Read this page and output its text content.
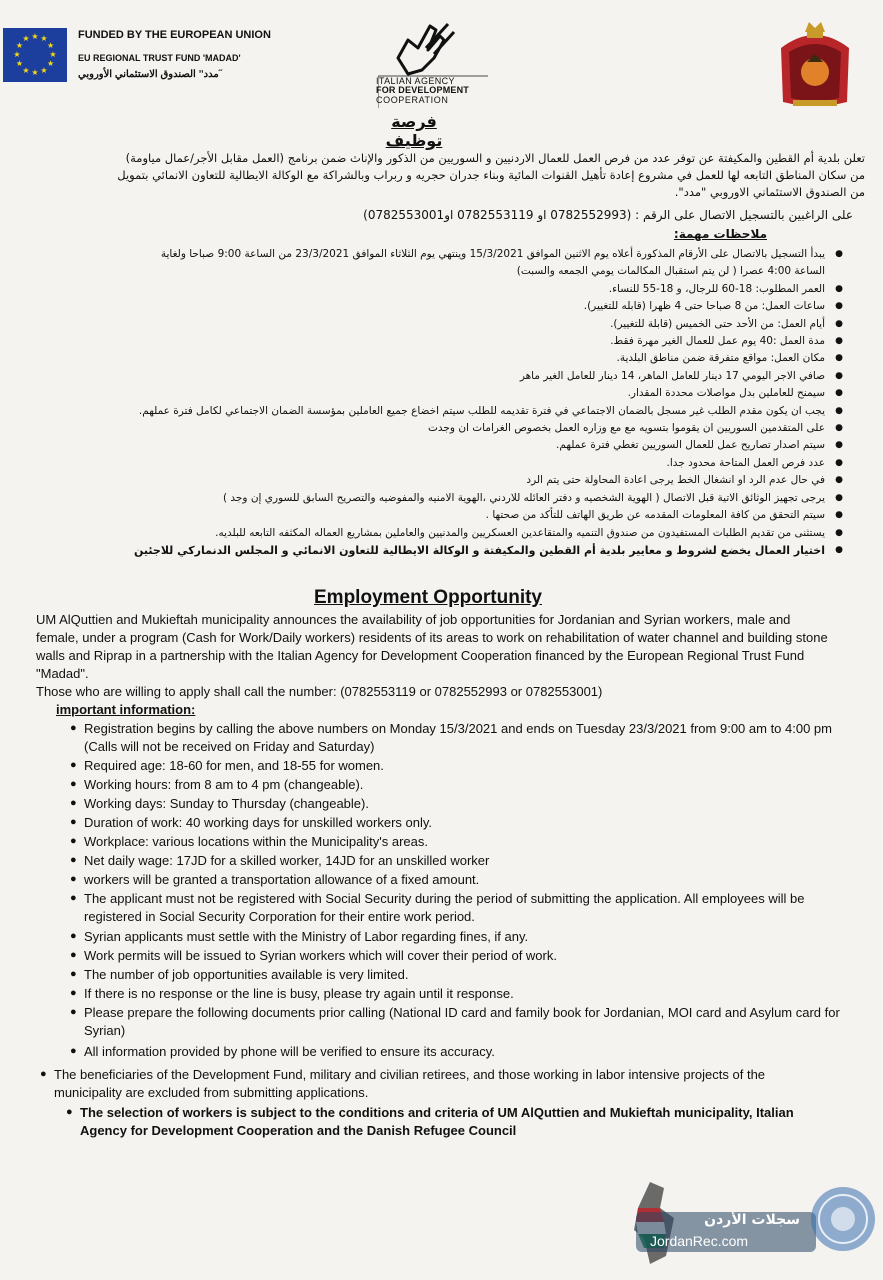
★
★
★
★
★
★
★
★
★ ★ ★
★
FUNDED BY THE EUROPEAN UNION
EU REGIONAL TRUST FUND 'MADAD'
الصندوق الاستئماني الأوروبي ˮمدد˝
ITALIAN AGENCY
FOR DEVELOPMENT
COOPERATION
فرصة توظيف
تعلن بلدية أم القطين والمكيفتة عن توفر عدد من فرص العمل للعمال الاردنيين و السوريين من الذكور والإناث ضمن برنامج (العمل مقابل الأجر/عمال مياومة)
من سكان المناطق التابعه لها للعمل في مشروع إعادة تأهيل القنوات المائية وبناء جدران حجريه و ربراب وبالشراكة مع الوكالة الايطالية للتعاون الانمائي بتمويل
من الصندوق الاستئماني الاوروبي "مدد".
على الراغبين بالتسجيل الاتصال على الرقم : (0782552993 او 0782553119 او0782553001)
ملاحظات مهمة:
●
يبدأ التسجيل بالاتصال على الأرقام المذكورة أعلاه يوم الاثنين الموافق 15/3/2021 وينتهي يوم الثلاثاء الموافق 23/3/2021 من الساعة 9:00 صباحا ولغاية
الساعة 4:00 عصرا ( لن يتم استقبال المكالمات يومي الجمعه والسبت)
●
العمر المطلوب: 18-60 للرجال، و 18-55 للنساء.
●
ساعات العمل: من 8 صباحا حتى 4 ظهرا (قابله للتغيير).
●
أيام العمل: من الأحد حتى الخميس (قابلة للتغيير).
●
مدة العمل :40 يوم عمل للعمال الغير مهرة فقط.
●
مكان العمل: مواقع متفرقة ضمن مناطق البلدية.
●
صافي الاجر اليومي 17 دينار للعامل الماهر، 14 دينار للعامل الغير ماهر
●
سيمنح للعاملين بدل مواصلات محددة المقدار.
●
يجب ان يكون مقدم الطلب غير مسجل بالضمان الاجتماعي في فترة تقديمه للطلب سيتم اخضاع جميع العاملين بمؤسسة الضمان الاجتماعي لكامل فترة عملهم.
●
على المتقدمين السوريين ان يقوموا بتسويه مع مع وزاره العمل بخصوص الغرامات ان وجدت
●
سيتم اصدار تصاريح عمل للعمال السوريين تغطي فترة عملهم.
●
عدد فرص العمل المتاحة محدود جدا.
●
في حال عدم الرد او انشغال الخط يرجى اعادة المحاولة حتى يتم الرد
●
يرجى تجهيز الوثائق الاتية قبل الاتصال ( الهوية الشخصيه و دفتر العائله للاردني ،الهوية الامنيه والمفوضيه والتصريح السابق للسوري إن وجد )
●
سيتم التحقق من كافة المعلومات المقدمه عن طريق الهاتف للتأكد من صحتها .
●
يستثنى من تقديم الطلبات المستفيدون من صندوق التنميه والمتقاعدين العسكريين والمدنيين والعاملين بمشاريع العماله المكثفه التابعه للبلديه.
●
اختيار العمال يخضع لشروط و معايير بلدية أم القطين والمكيفتة و الوكالة الايطالية للتعاون الانمائي و المجلس الدنماركي للاجئين
Employment Opportunity
UM AlQuttien and Mukieftah municipality announces the availability of job opportunities for Jordanian and Syrian workers, male and female, under a program (Cash for Work/Daily workers) residents of its areas to work on rehabilitation of water channel and building stone walls and Riprap in a partnership with the Italian Agency for Development Cooperation financed by the European Regional Trust Fund "Madad".
Those who are willing to apply shall call the number: (0782553119 or 0782552993 or 0782553001)
important information:
● Registration begins by calling the above numbers on Monday 15/3/2021 and ends on Tuesday 23/3/2021 from 9:00 am to 4:00 pm (Calls will not be received on Friday and Saturday)
● Required age: 18-60 for men, and 18-55 for women.
● Working hours: from 8 am to 4 pm (changeable).
● Working days: Sunday to Thursday (changeable).
● Duration of work: 40 working days for unskilled workers only.
● Workplace: various locations within the Municipality's areas.
● Net daily wage: 17JD for a skilled worker, 14JD for an unskilled worker
● workers will be granted a transportation allowance of a fixed amount.
● The applicant must not be registered with Social Security during the period of submitting the application. All employees will be registered in Social Security Corporation for their entire work period.
● Syrian applicants must settle with the Ministry of Labor regarding fines, if any.
● Work permits will be issued to Syrian workers which will cover their period of work.
● The number of job opportunities available is very limited.
● If there is no response or the line is busy, please try again until it response.
● Please prepare the following documents prior calling (National ID card and family book for Jordanian, MOI card and Asylum card for Syrian)
● All information provided by phone will be verified to ensure its accuracy.
● The beneficiaries of the Development Fund, military and civilian retirees, and those working in labor intensive projects of the municipality are excluded from submitting applications.
● The selection of workers is subject to the conditions and criteria of UM AlQuttien and Mukieftah municipality, Italian Agency for Development Cooperation and the Danish Refugee Council
سجلات الأردن
JordanRec.com
